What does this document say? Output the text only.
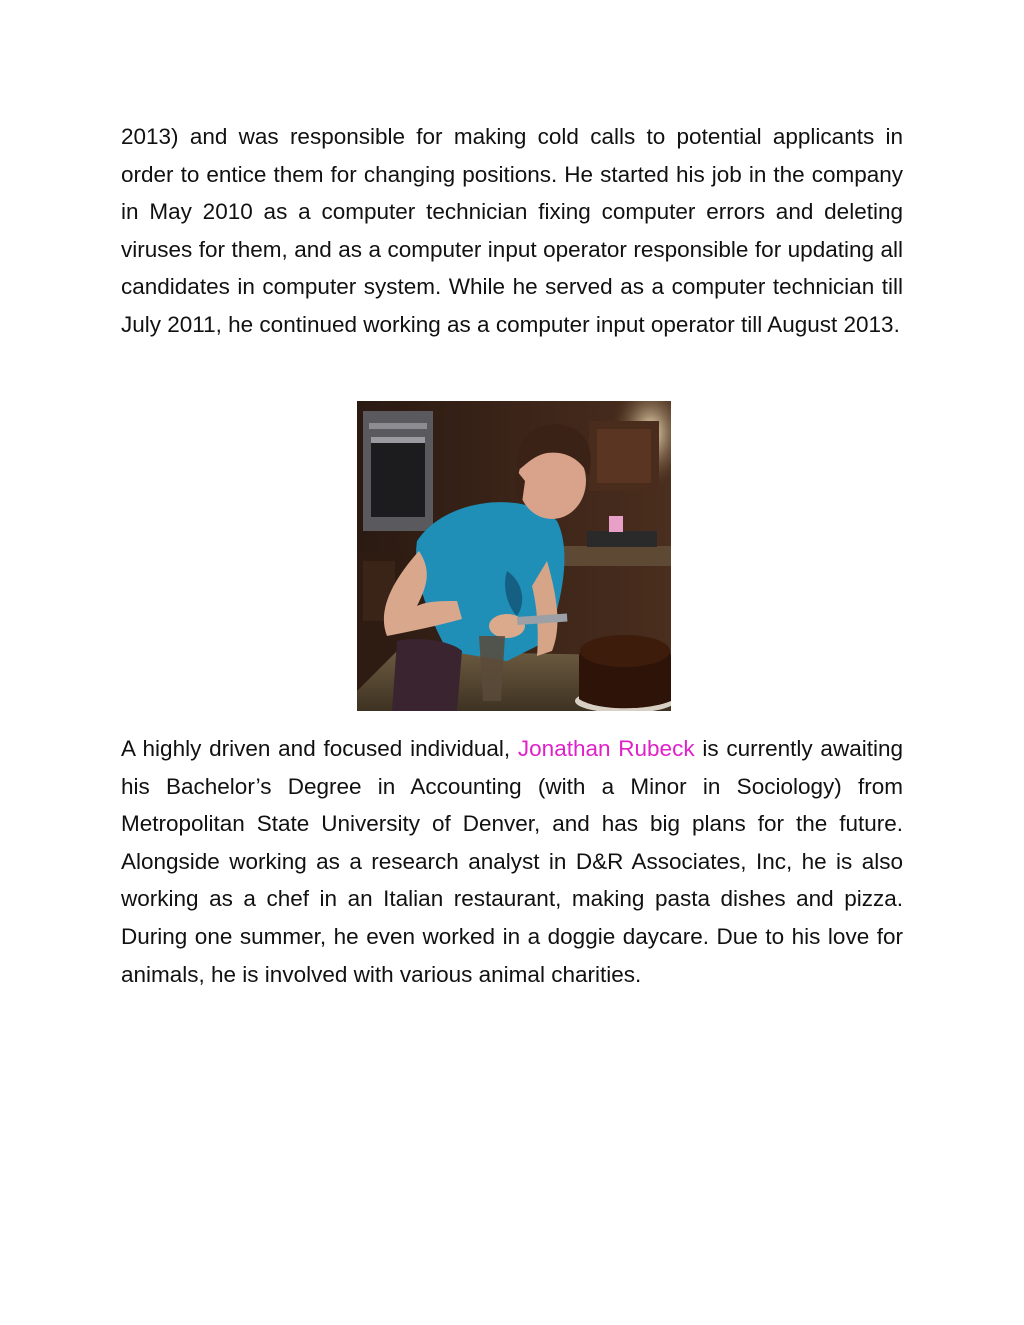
2013) and was responsible for making cold calls to potential applicants in order to entice them for changing positions. He started his job in the company in May 2010 as a computer technician fixing computer errors and deleting viruses for them, and as a computer input operator responsible for updating all candidates in computer system. While he served as a computer technician till July 2011, he continued working as a computer input operator till August 2013.

A highly driven and focused individual, Jonathan Rubeck is currently awaiting his Bachelor’s Degree in Accounting (with a Minor in Sociology) from Metropolitan State University of Denver, and has big plans for the future. Alongside working as a research analyst in D&R Associates, Inc, he is also working as a chef in an Italian restaurant, making pasta dishes and pizza. During one summer, he even worked in a doggie daycare. Due to his love for animals, he is involved with various animal charities.
